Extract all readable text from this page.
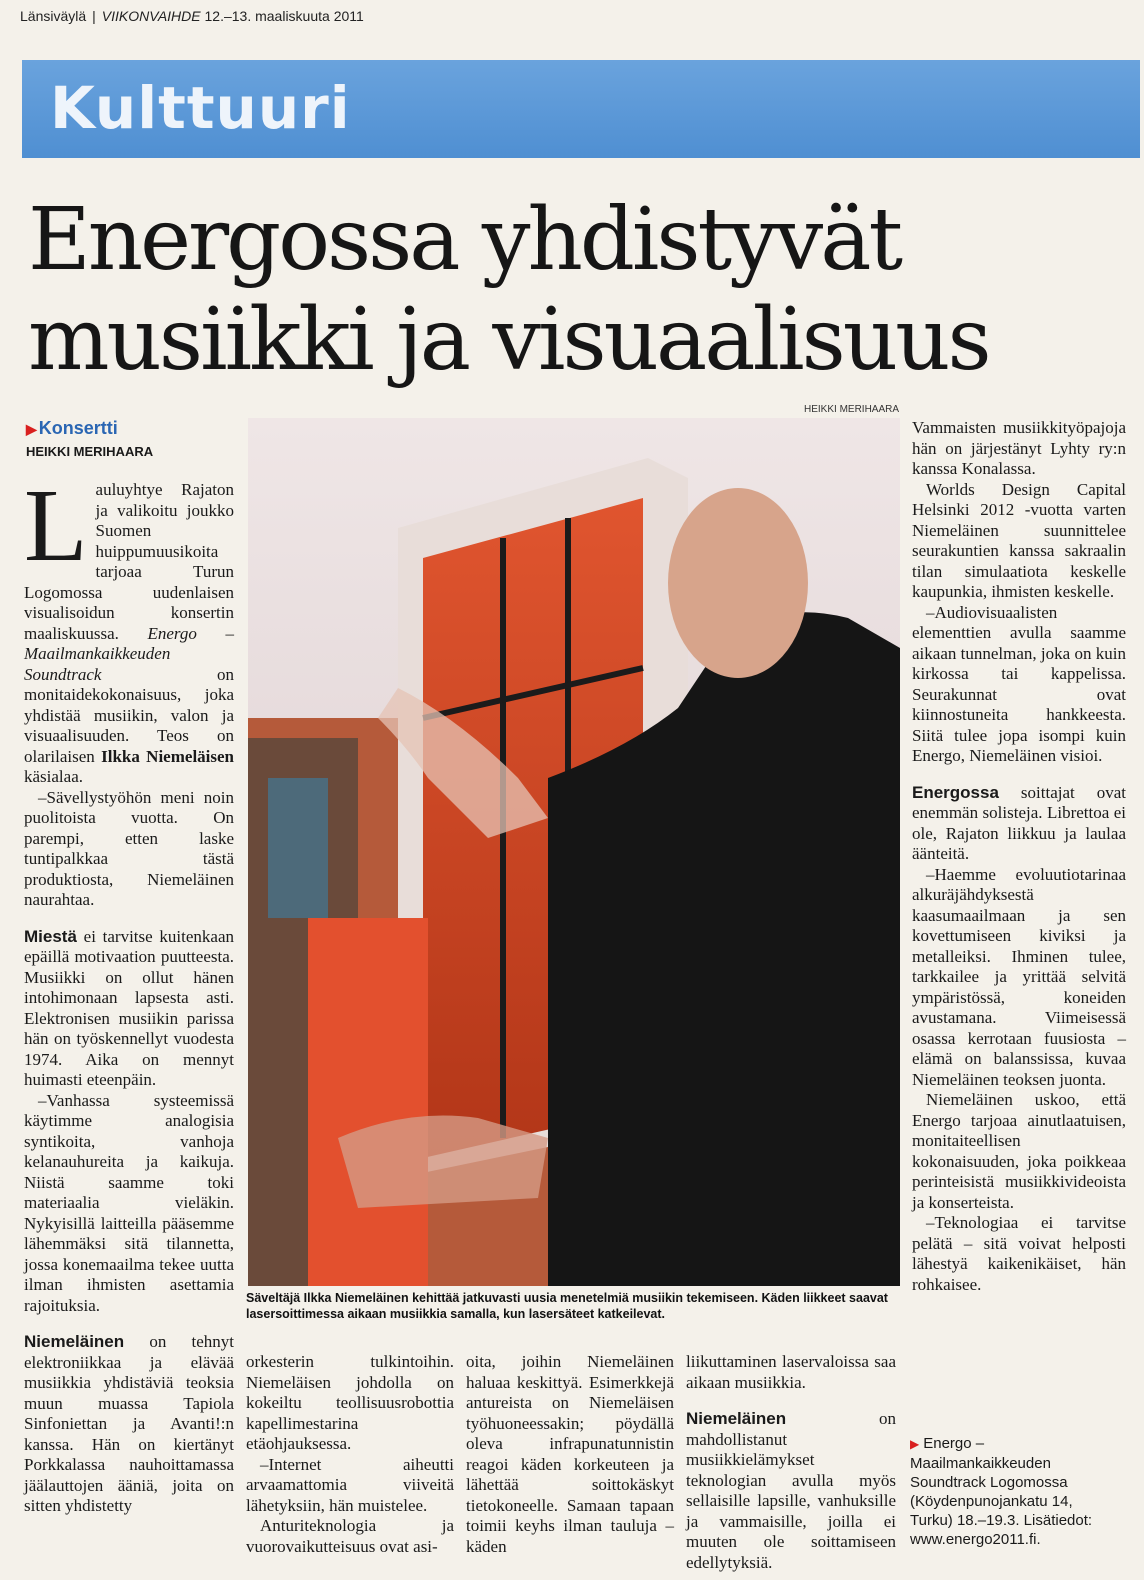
Länsiväylä | VIIKONVAIHDE 12.–13. maaliskuuta 2011
Kulttuuri
Energossa yhdistyvät
musiikki ja visuaalisuus
HEIKKI MERIHAARA
▶ Konsertti
HEIKKI MERIHAARA

Lauluyhtye Rajaton ja valikoitu joukko Suomen huippumuusikoita tarjoaa Turun Logomossa uudenlaisen visualisoidun konsertin maaliskuussa. Energo – Maailmankaikkeuden Soundtrack	on monitaidekokonaisuus, joka yhdistää musiikin, valon ja visuaalisuuden. Teos on olarilaisen Ilkka Niemeläisen käsialaa.

–Sävellystyöhön meni noin puolitoista vuotta. On parempi, etten laske tuntipalkkaa tästä produktiosta, Niemeläinen naurahtaa.

Miestä ei tarvitse kuitenkaan epäillä motivaation puutteesta. Musiikki on ollut hänen intohimonaan lapsesta asti. Elektronisen musiikin parissa hän on työskennellyt vuodesta 1974. Aika on mennyt huimasti eteenpäin.

–Vanhassa systeemissä käytimme analogisia syntikoita, vanhoja kelanauhureita ja kaikuja. Niistä saamme toki materiaalia vieläkin. Nykyisillä laitteilla pääsemme lähemmäksi sitä tilannetta, jossa konemaailma tekee uutta ilman ihmisten asettamia rajoituksia.

Niemeläinen on tehnyt elektroniikkaa ja elävää musiikkia yhdistäviä teoksia muun muassa Tapiola Sinfoniettan ja Avanti!:n kanssa. Hän on kiertänyt Porkkalassa nauhoittamassa jäälauttojen ääniä, joita on sitten yhdistetty

Säveltäjä Ilkka Niemeläinen kehittää jatkuvasti uusia menetelmiä musiikin tekemiseen. Käden liikkeet saavat lasersoittimessa aikaan musiikkia samalla, kun lasersäteet katkeilevat.

orkesterin tulkintoihin. Niemeläisen johdolla on kokeiltu teollisuusrobottia kapellimestarina etäohjauksessa.

–Internet aiheutti arvaamattomia viiveitä lähetyksiin, hän muistelee.

Anturiteknologia ja vuorovaikutteisuus ovat asi-

oita, joihin Niemeläinen haluaa keskittyä. Esimerkkejä antureista on Niemeläisen työhuoneessakin; pöydällä oleva infrapunatunnistin reagoi käden korkeuteen ja lähettää soittokäskyt tietokoneelle. Samaan tapaan toimii keyhs ilman tauluja – käden

liikuttaminen laservaloissa saa aikaan musiikkia.

Niemeläinen	on mahdollistanut musiikkielämykset teknologian avulla myös sellaisille lapsille, vanhuksille ja vammaisille, joilla ei muuten ole soittamiseen edellytyksiä.

Vammaisten musiikkityöpajoja hän on järjestänyt Lyhty ry:n kanssa Konalassa.

Worlds Design Capital Helsinki 2012 -vuotta varten Niemeläinen suunnittelee seurakuntien kanssa sakraalin tilan simulaatiota keskelle kaupunkia, ihmisten keskelle.

–Audiovisuaalisten elementtien avulla saamme aikaan tunnelman, joka on kuin kirkossa tai kappelissa. Seurakunnat ovat kiinnostuneita hankkeesta. Siitä tulee jopa isompi kuin Energo, Niemeläinen visioi.

Energossa soittajat ovat enemmän solisteja. Librettoa ei ole, Rajaton liikkuu ja laulaa äänteitä.

–Haemme evoluutiotarinaa alkuräjähdyksestä kaasumaailmaan ja sen kovettumiseen kiviksi ja metalleiksi. Ihminen tulee, tarkkailee ja yrittää selvitä ympäristössä, koneiden avustamana. Viimeisessä osassa kerrotaan fuusiosta – elämä on balanssissa, kuvaa Niemeläinen teoksen juonta.

Niemeläinen uskoo, että Energo tarjoaa ainutlaatuisen, monitaiteellisen kokonaisuuden, joka poikkeaa perinteisistä musiikkivideoista ja konserteista.

–Teknologiaa ei tarvitse pelätä – sitä voivat helposti lähestyä kaikenikäiset, hän rohkaisee.

▶ Energo – Maailmankaikkeuden Soundtrack Logomossa (Köydenpunojankatu 14, Turku) 18.–19.3. Lisätiedot: www.energo2011.fi.
